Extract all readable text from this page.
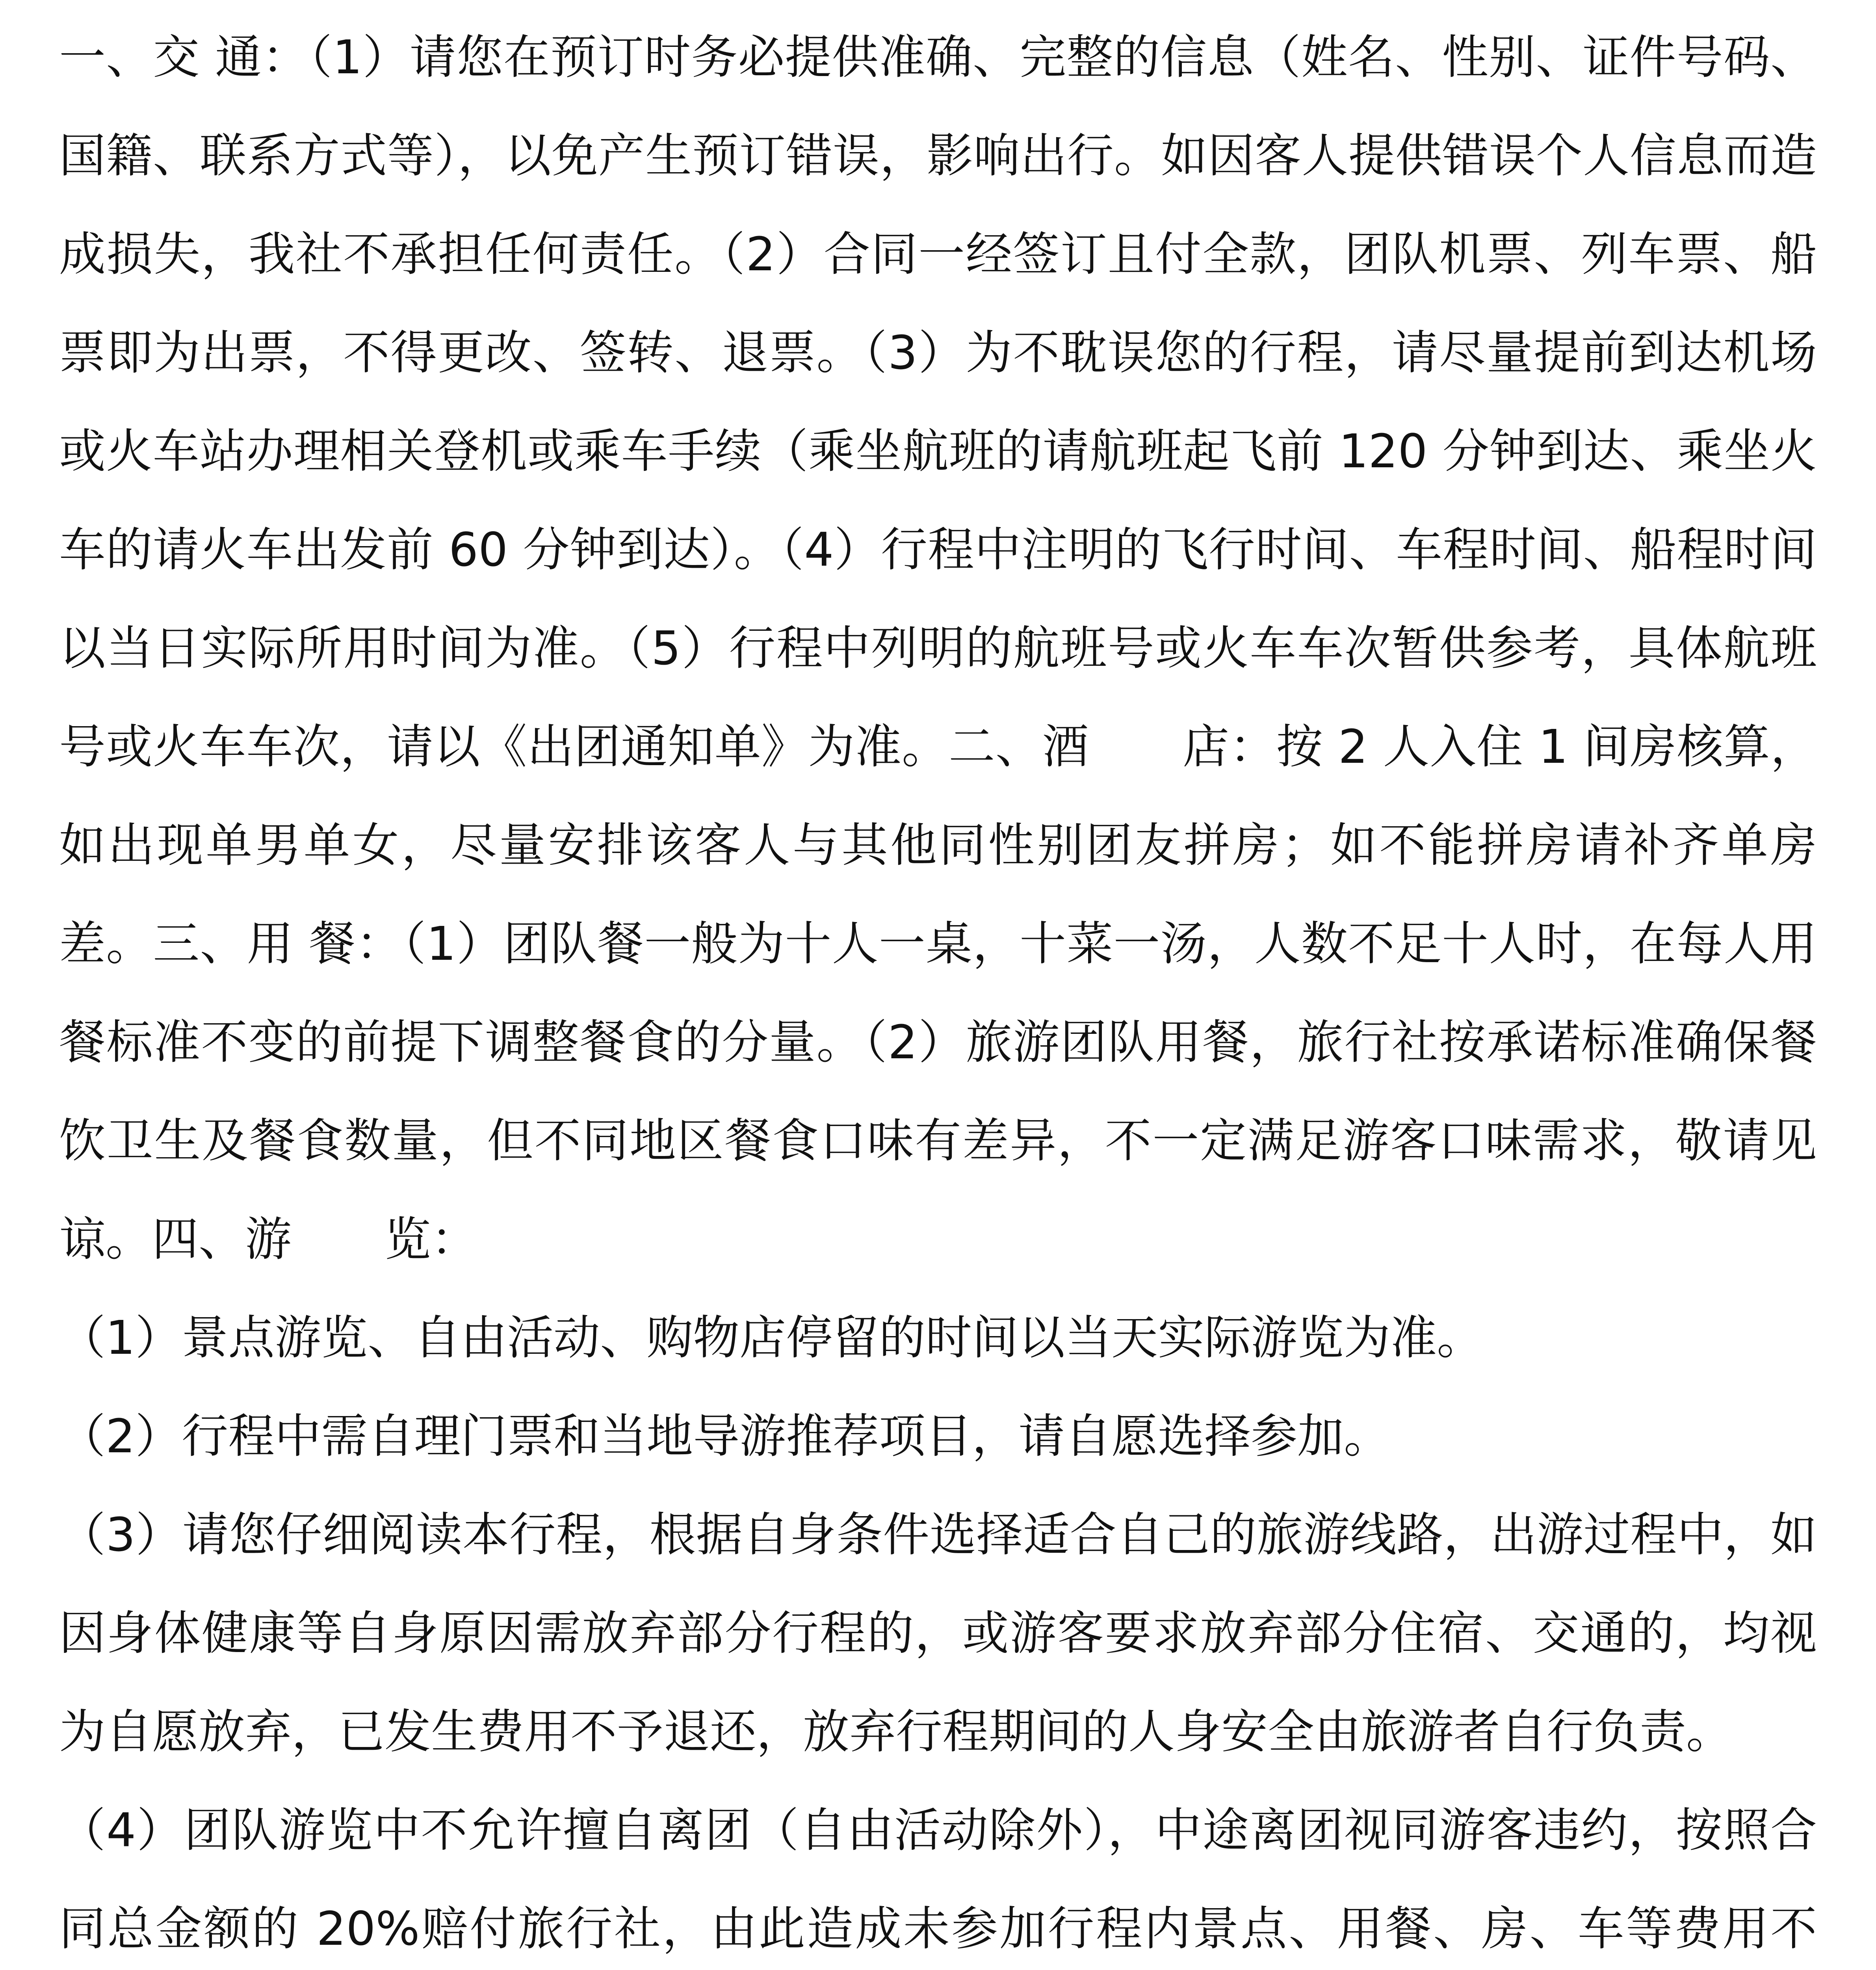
一、交 通：（1）请您在预订时务必提供准确、完整的信息（姓名、性别、证件号码、国籍、联系方式等），以免产生预订错误，影响出行。如因客人提供错误个人信息而造成损失，我社不承担任何责任。（2）合同一经签订且付全款，团队机票、列车票、船票即为出票，不得更改、签转、退票。（3）为不耽误您的行程，请尽量提前到达机场或火车站办理相关登机或乘车手续（乘坐航班的请航班起飞前 120 分钟到达、乘坐火车的请火车出发前 60 分钟到达）。（4）行程中注明的飞行时间、车程时间、船程时间以当日实际所用时间为准。（5）行程中列明的航班号或火车车次暂供参考，具体航班号或火车车次，请以《出团通知单》为准。二、酒　　店：按 2 人入住 1 间房核算，如出现单男单女，尽量安排该客人与其他同性别团友拼房；如不能拼房请补齐单房差。三、用 餐：（1）团队餐一般为十人一桌，十菜一汤，人数不足十人时，在每人用餐标准不变的前提下调整餐食的分量。（2）旅游团队用餐，旅行社按承诺标准确保餐饮卫生及餐食数量，但不同地区餐食口味有差异，不一定满足游客口味需求，敬请见谅。四、游　　览：

（1）景点游览、自由活动、购物店停留的时间以当天实际游览为准。

（2）行程中需自理门票和当地导游推荐项目，请自愿选择参加。

（3）请您仔细阅读本行程，根据自身条件选择适合自己的旅游线路，出游过程中，如因身体健康等自身原因需放弃部分行程的，或游客要求放弃部分住宿、交通的，均视为自愿放弃，已发生费用不予退还，放弃行程期间的人身安全由旅游者自行负责。

（4）团队游览中不允许擅自离团（自由活动除外），中途离团视同游客违约，按照合同总金额的 20%赔付旅行社，由此造成未参加行程内景点、用餐、房、车等费用不
